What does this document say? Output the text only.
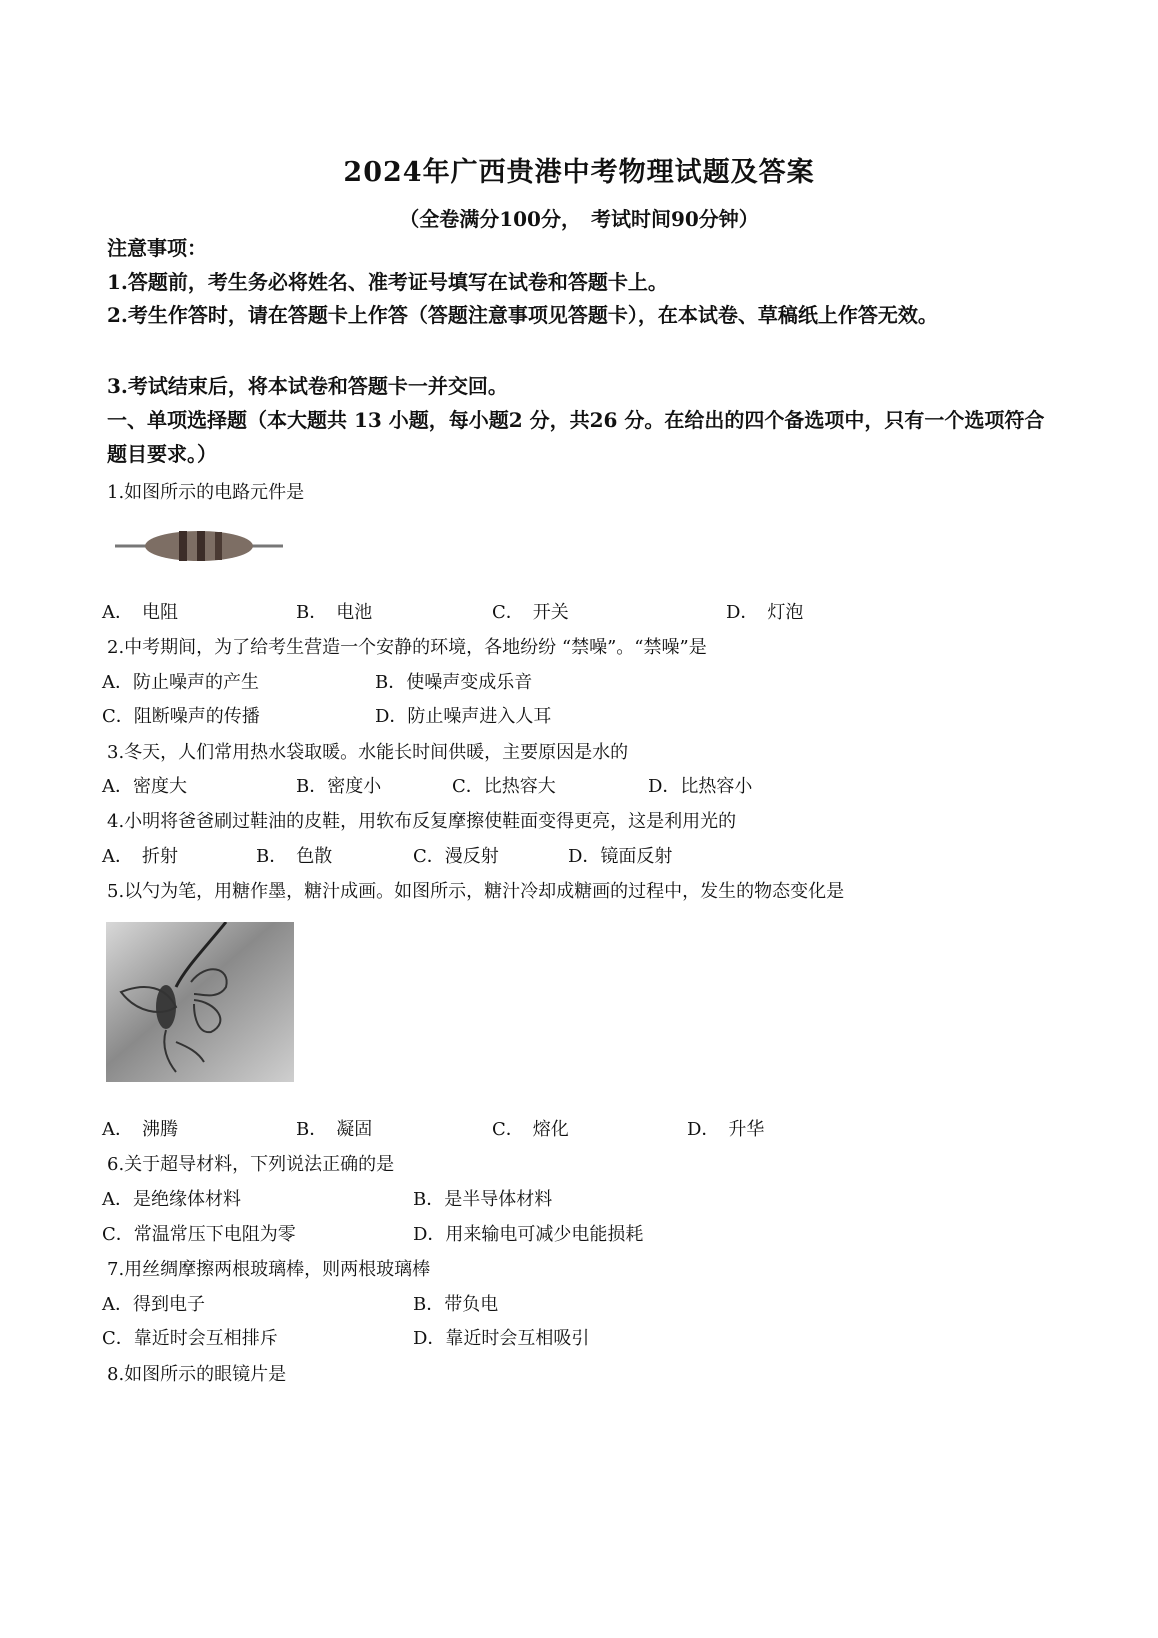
2024年广西贵港中考物理试题及答案
（全卷满分100分，　考试时间90分钟）
注意事项：
1.答题前，考生务必将姓名、准考证号填写在试卷和答题卡上。
2.考生作答时，请在答题卡上作答（答题注意事项见答题卡），在本试卷、草稿纸上作答无效。
3.考试结束后，将本试卷和答题卡一并交回。
一、单项选择题（本大题共 13 小题，每小题2 分，共26 分。在给出的四个备选项中，只有一个选项符合题目要求。）
1.如图所示的电路元件是
A．　电阻	B．　电池	C．　开关	D．　灯泡
2.中考期间，为了给考生营造一个安静的环境，各地纷纷 “禁噪”。“禁噪”是
A．防止噪声的产生	B．使噪声变成乐音
C．阻断噪声的传播	D．防止噪声进入人耳
3.冬天，人们常用热水袋取暖。水能长时间供暖，主要原因是水的
A．密度大	B．密度小	C．比热容大	D．比热容小
4.小明将爸爸刷过鞋油的皮鞋，用软布反复摩擦使鞋面变得更亮，这是利用光的
A．　折射	B．　色散	C．漫反射	D．镜面反射
5.以勺为笔，用糖作墨，糖汁成画。如图所示，糖汁冷却成糖画的过程中，发生的物态变化是
A．　沸腾	B．　凝固	C．　熔化	D．　升华
6.关于超导材料，下列说法正确的是
A．是绝缘体材料	B．是半导体材料
C．常温常压下电阻为零	D．用来输电可减少电能损耗
7.用丝绸摩擦两根玻璃棒，则两根玻璃棒
A．得到电子	B．带负电
C．靠近时会互相排斥	D．靠近时会互相吸引
8.如图所示的眼镜片是
